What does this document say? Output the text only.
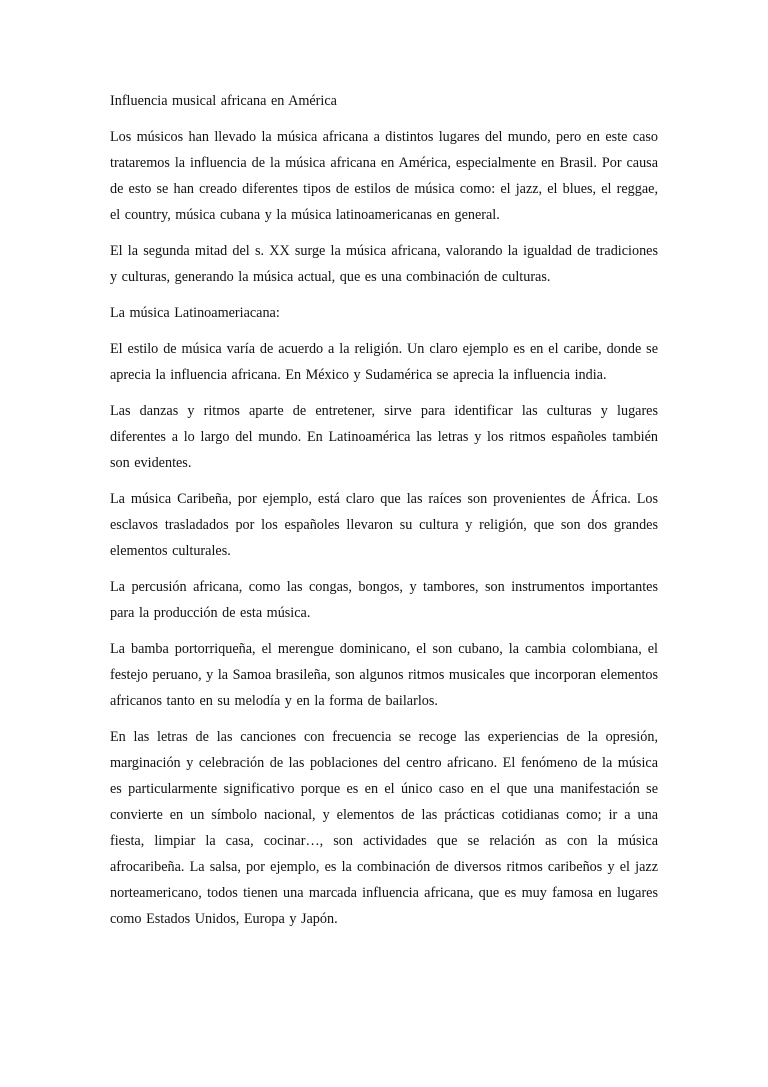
Influencia musical africana en América

Los músicos han llevado la música africana a distintos lugares del mundo, pero en este caso trataremos la influencia de la música africana en América, especialmente en Brasil. Por causa de esto se han creado diferentes tipos de estilos de música como: el jazz, el blues, el reggae, el country, música cubana y la música latinoamericanas en general.

El la segunda mitad del s. XX surge la música africana, valorando la igualdad de tradiciones y culturas, generando la música actual, que es una combinación de culturas.

La música Latinoameriacana:

El estilo de música varía de acuerdo a la religión. Un claro ejemplo es en el caribe, donde se aprecia la influencia africana. En México y Sudamérica se aprecia la influencia india.

Las danzas y ritmos aparte de entretener, sirve para identificar las culturas y lugares diferentes a lo largo del mundo. En Latinoamérica las letras y los ritmos españoles también son evidentes.

La música Caribeña, por ejemplo, está claro que las raíces son provenientes de África. Los esclavos trasladados por los españoles llevaron su cultura y religión, que son dos grandes elementos culturales.

La percusión africana, como las congas, bongos, y tambores, son instrumentos importantes para la producción de esta música.

La bamba portorriqueña, el merengue dominicano, el son cubano, la cambia colombiana, el festejo peruano, y la Samoa brasileña, son algunos ritmos musicales que incorporan elementos africanos tanto en su melodía y en la forma de bailarlos.

En las letras de las canciones con frecuencia se recoge las experiencias de la opresión, marginación y celebración de las poblaciones del centro africano. El fenómeno de la música es particularmente significativo porque es en el único caso en el que una manifestación se convierte en un símbolo nacional, y elementos de las prácticas cotidianas como; ir a una fiesta, limpiar la casa, cocinar…, son actividades que se relación as con la música afrocaribeña. La salsa, por ejemplo, es la combinación de diversos ritmos caribeños y el jazz norteamericano, todos tienen una marcada influencia africana, que es muy famosa en lugares como Estados Unidos, Europa y Japón.
